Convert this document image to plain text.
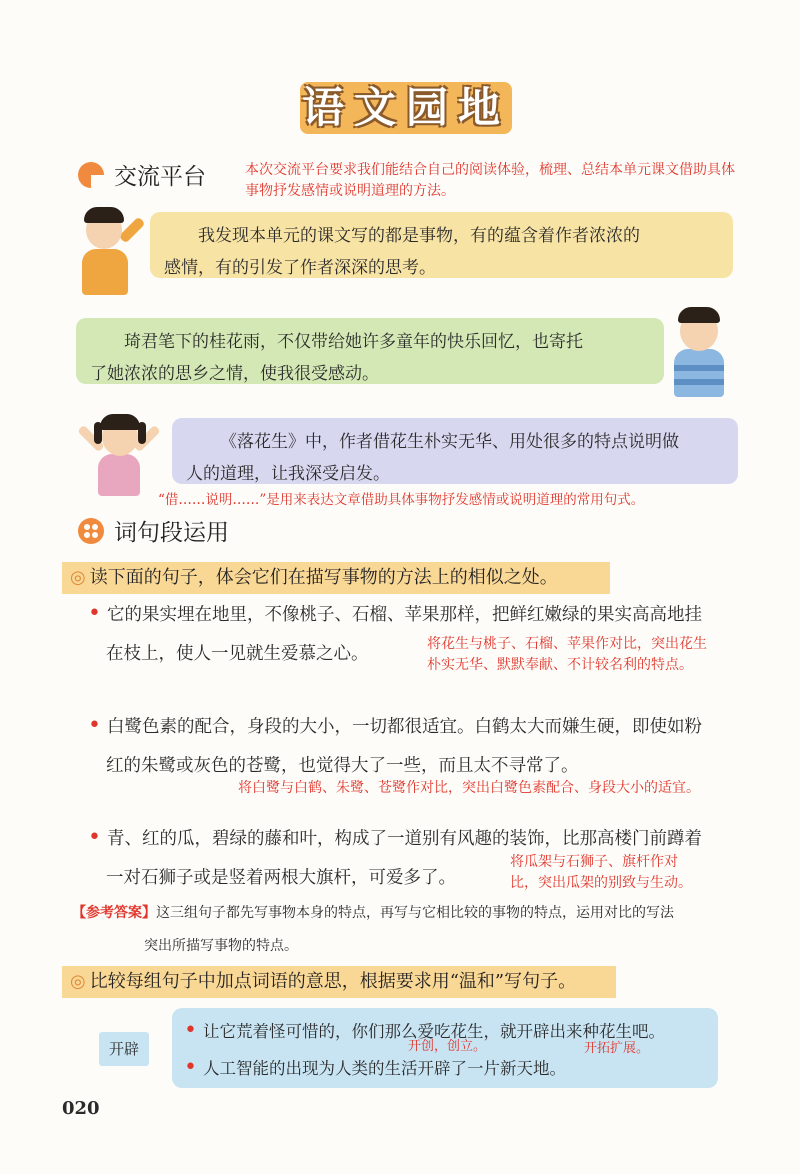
语文园地
交流平台	本次交流平台要求我们能结合自己的阅读体验，梳理、总结本单元课文借助具体事物抒发感情或说明道理的方法。
我发现本单元的课文写的都是事物，有的蕴含着作者浓浓的
感情，有的引发了作者深深的思考。
琦君笔下的桂花雨，不仅带给她许多童年的快乐回忆，也寄托
了她浓浓的思乡之情，使我很受感动。
《落花生》中，作者借花生朴实无华、用处很多的特点说明做
人的道理，让我深受启发。
“借……说明……”是用来表达文章借助具体事物抒发感情或说明道理的常用句式。
词句段运用
◎ 读下面的句子，体会它们在描写事物的方法上的相似之处。
• 它的果实埋在地里，不像桃子、石榴、苹果那样，把鲜红嫩绿的果实高高地挂
在枝上，使人一见就生爱慕之心。	将花生与桃子、石榴、苹果作对比，突出花生
朴实无华、默默奉献、不计较名利的特点。
• 白鹭色素的配合，身段的大小，一切都很适宜。白鹤太大而嫌生硬，即使如粉
红的朱鹭或灰色的苍鹭，也觉得大了一些，而且太不寻常了。
将白鹭与白鹤、朱鹭、苍鹭作对比，突出白鹭色素配合、身段大小的适宜。
• 青、红的瓜，碧绿的藤和叶，构成了一道别有风趣的装饰，比那高楼门前蹲着
一对石狮子或是竖着两根大旗杆，可爱多了。
将瓜架与石狮子、旗杆作对
比，突出瓜架的别致与生动。
【参考答案】这三组句子都先写事物本身的特点，再写与它相比较的事物的特点，运用对比的写法
突出所描写事物的特点。
◎ 比较每组句子中加点词语的意思，根据要求用“温和”写句子。
开辟
• 让它荒着怪可惜的，你们那么爱吃花生，就开辟出来种花生吧。
• 人工智能的出现为人类的生活开辟了一片新天地。
开创，创立。	开拓扩展。
020
